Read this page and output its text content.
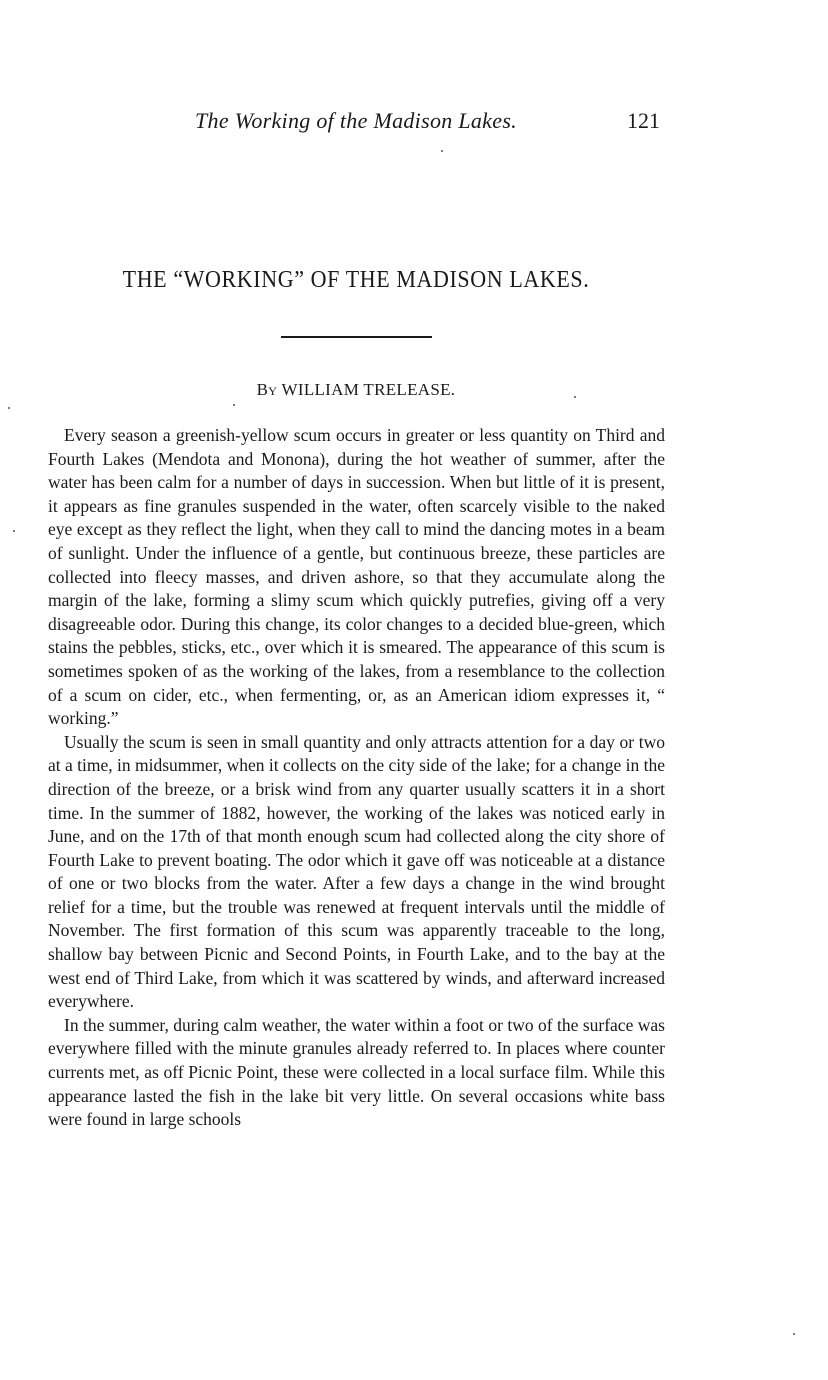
The Working of the Madison Lakes.	121
THE “WORKING” OF THE MADISON LAKES.
By WILLIAM TRELEASE.

Every season a greenish-yellow scum occurs in greater or less quantity on Third and Fourth Lakes (Mendota and Monona), during the hot weather of summer, after the water has been calm for a number of days in succession. When but little of it is present, it appears as fine granules suspended in the water, often scarcely visible to the naked eye except as they reflect the light, when they call to mind the dancing motes in a beam of sunlight. Under the influence of a gentle, but continuous breeze, these particles are collected into fleecy masses, and driven ashore, so that they accumulate along the margin of the lake, forming a slimy scum which quickly putrefies, giving off a very disagreeable odor. During this change, its color changes to a decided blue-green, which stains the pebbles, sticks, etc., over which it is smeared. The appearance of this scum is sometimes spoken of as the working of the lakes, from a resemblance to the collection of a scum on cider, etc., when fermenting, or, as an American idiom expresses it, “ working.”

Usually the scum is seen in small quantity and only attracts attention for a day or two at a time, in midsummer, when it collects on the city side of the lake; for a change in the direction of the breeze, or a brisk wind from any quarter usually scatters it in a short time. In the summer of 1882, however, the working of the lakes was noticed early in June, and on the 17th of that month enough scum had collected along the city shore of Fourth Lake to prevent boating. The odor which it gave off was noticeable at a distance of one or two blocks from the water. After a few days a change in the wind brought relief for a time, but the trouble was renewed at frequent intervals until the middle of November. The first formation of this scum was apparently traceable to the long, shallow bay between Picnic and Second Points, in Fourth Lake, and to the bay at the west end of Third Lake, from which it was scattered by winds, and afterward increased everywhere.

In the summer, during calm weather, the water within a foot or two of the surface was everywhere filled with the minute granules already referred to. In places where counter currents met, as off Picnic Point, these were collected in a local surface film. While this appearance lasted the fish in the lake bit very little. On several occasions white bass were found in large schools
